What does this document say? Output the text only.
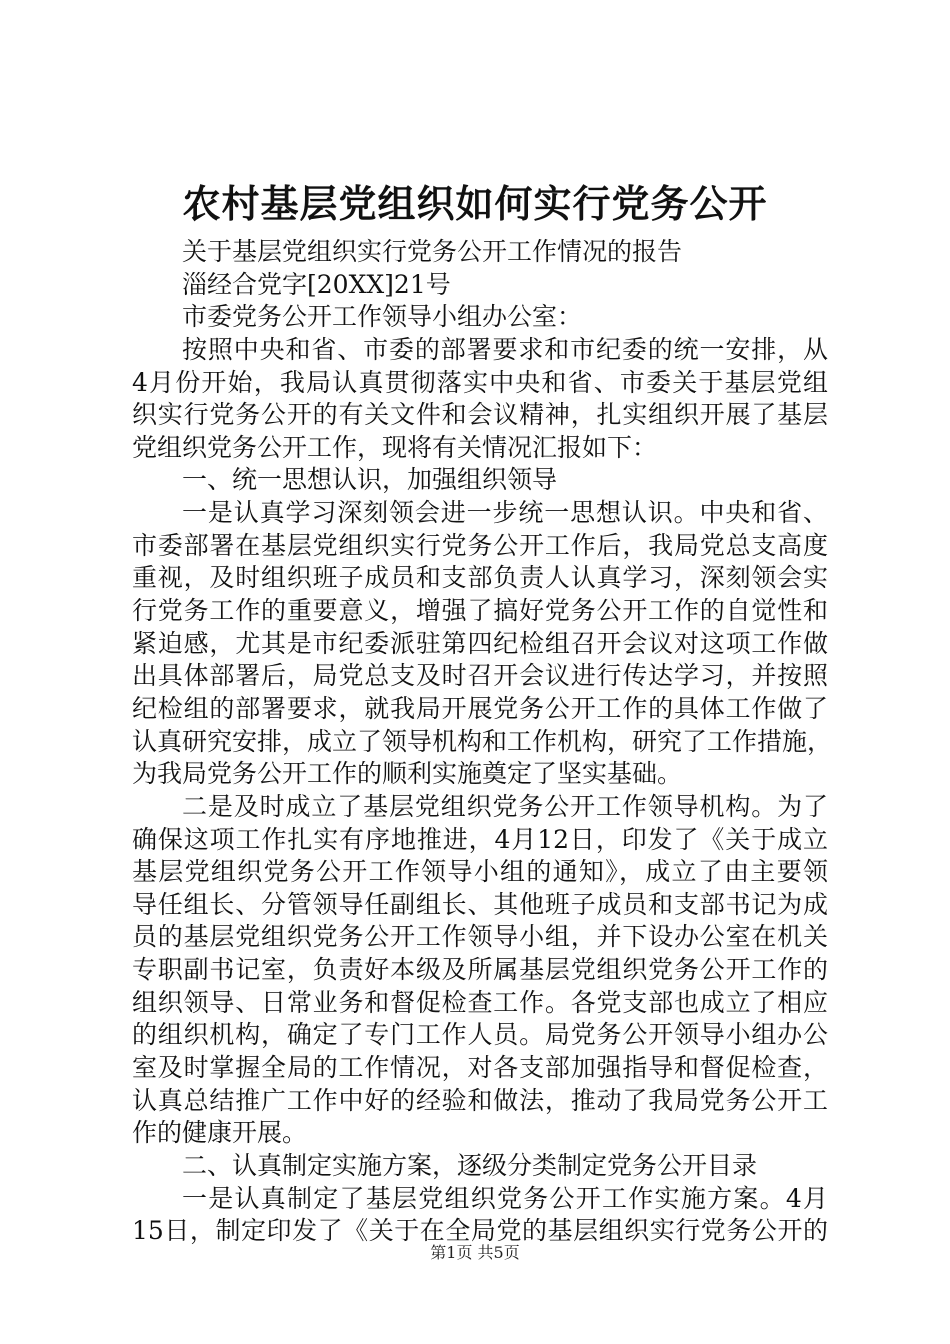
农村基层党组织如何实行党务公开
关于基层党组织实行党务公开工作情况的报告
淄经合党字[20XX]21号
市委党务公开工作领导小组办公室：
按照中央和省、市委的部署要求和市纪委的统一安排，从
4月份开始，我局认真贯彻落实中央和省、市委关于基层党组
织实行党务公开的有关文件和会议精神，扎实组织开展了基层
党组织党务公开工作，现将有关情况汇报如下：
一、统一思想认识，加强组织领导
一是认真学习深刻领会进一步统一思想认识。中央和省、
市委部署在基层党组织实行党务公开工作后，我局党总支高度
重视，及时组织班子成员和支部负责人认真学习，深刻领会实
行党务工作的重要意义，增强了搞好党务公开工作的自觉性和
紧迫感，尤其是市纪委派驻第四纪检组召开会议对这项工作做
出具体部署后，局党总支及时召开会议进行传达学习，并按照
纪检组的部署要求，就我局开展党务公开工作的具体工作做了
认真研究安排，成立了领导机构和工作机构，研究了工作措施，
为我局党务公开工作的顺利实施奠定了坚实基础。
二是及时成立了基层党组织党务公开工作领导机构。为了
确保这项工作扎实有序地推进，4月12日，印发了《关于成立
基层党组织党务公开工作领导小组的通知》，成立了由主要领
导任组长、分管领导任副组长、其他班子成员和支部书记为成
员的基层党组织党务公开工作领导小组，并下设办公室在机关
专职副书记室，负责好本级及所属基层党组织党务公开工作的
组织领导、日常业务和督促检查工作。各党支部也成立了相应
的组织机构，确定了专门工作人员。局党务公开领导小组办公
室及时掌握全局的工作情况，对各支部加强指导和督促检查，
认真总结推广工作中好的经验和做法，推动了我局党务公开工
作的健康开展。
二、认真制定实施方案，逐级分类制定党务公开目录
一是认真制定了基层党组织党务公开工作实施方案。4月
15日，制定印发了《关于在全局党的基层组织实行党务公开的
第1页 共5页
